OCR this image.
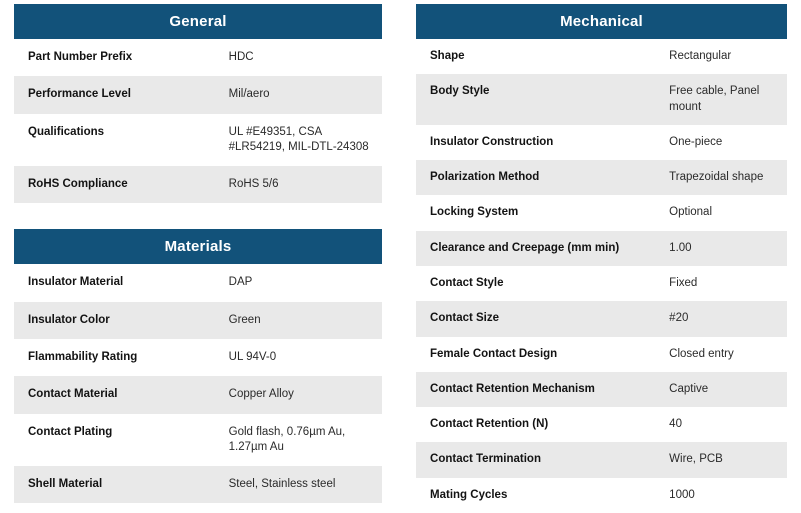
General
Part Number Prefix	HDC
Performance Level	Mil/aero
Qualifications	UL #E49351, CSA #LR54219, MIL-DTL-24308
RoHS Compliance	RoHS 5/6
Materials
Insulator Material	DAP
Insulator Color	Green
Flammability Rating	UL 94V-0
Contact Material	Copper Alloy
Contact Plating	Gold flash, 0.76µm Au, 1.27µm Au
Shell Material	Steel, Stainless steel
Mechanical
Shape	Rectangular
Body Style	Free cable, Panel mount
Insulator Construction	One-piece
Polarization Method	Trapezoidal shape
Locking System	Optional
Clearance and Creepage (mm min)	1.00
Contact Style	Fixed
Contact Size	#20
Female Contact Design	Closed entry
Contact Retention Mechanism	Captive
Contact Retention (N)	40
Contact Termination	Wire, PCB
Mating Cycles	1000
